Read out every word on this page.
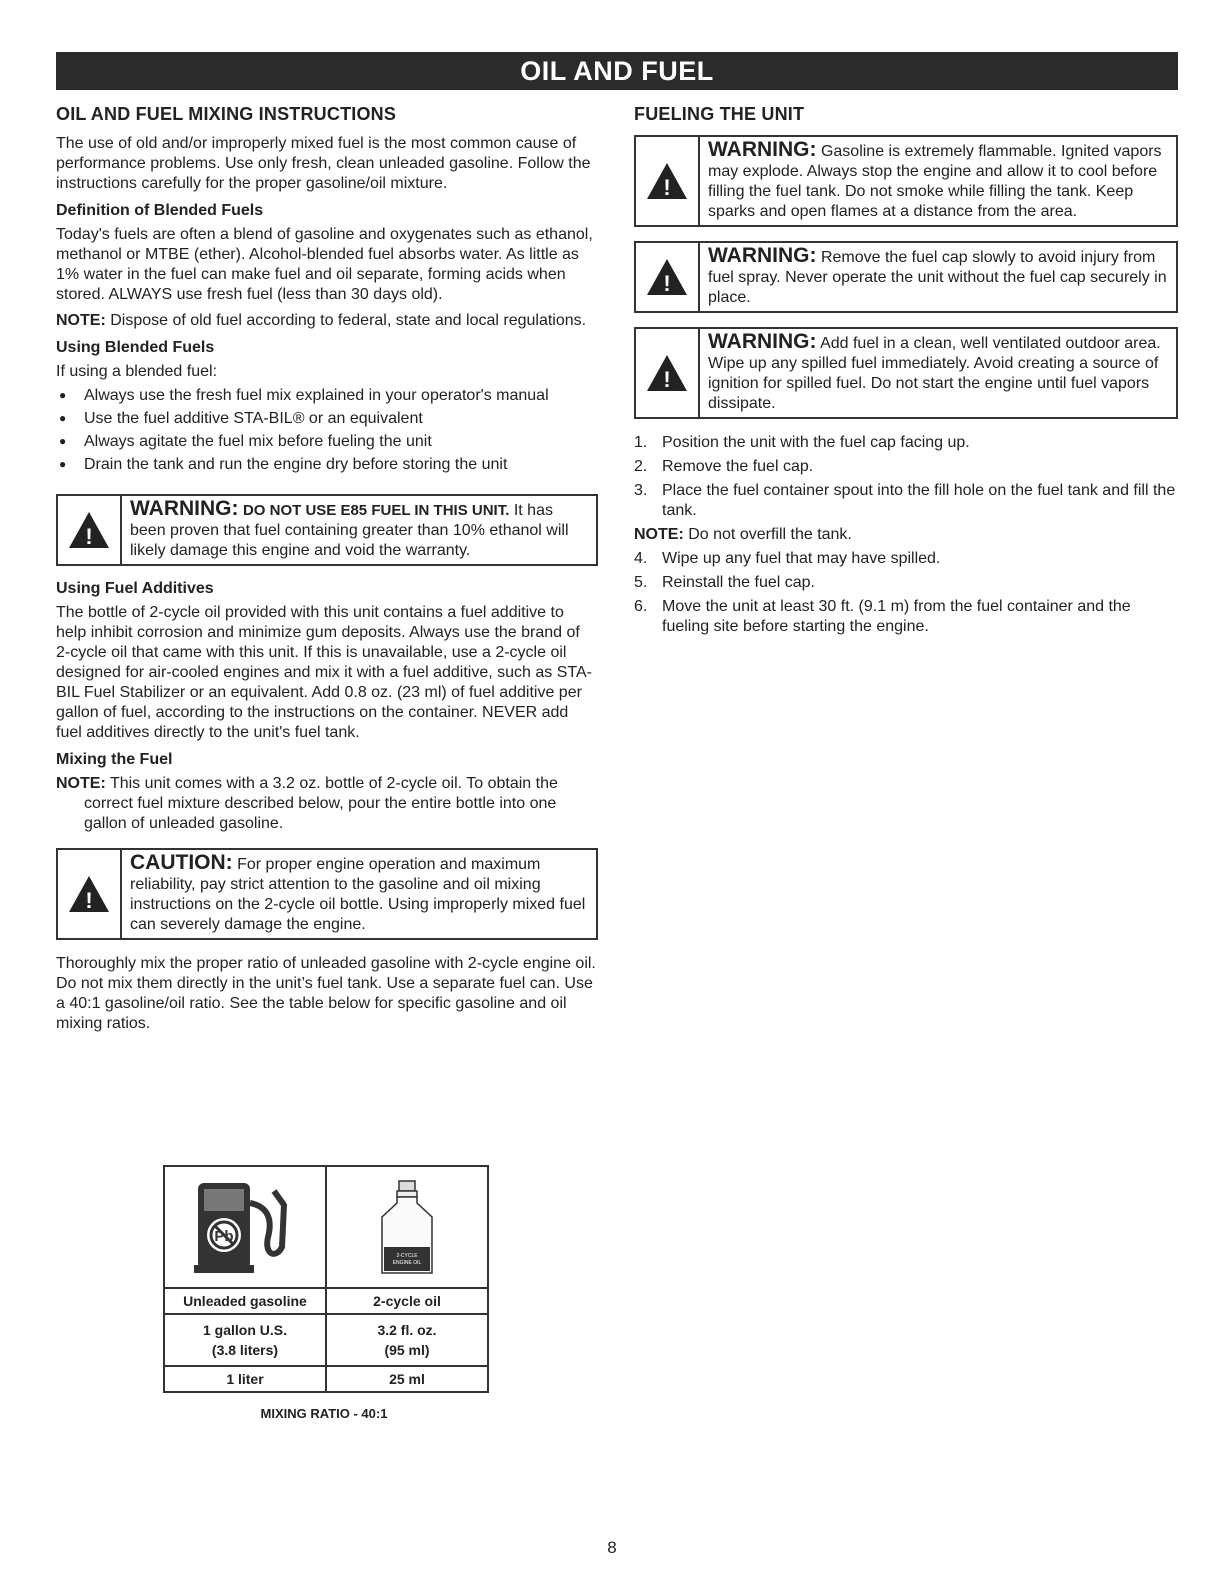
OIL AND FUEL
OIL AND FUEL MIXING INSTRUCTIONS

The use of old and/or improperly mixed fuel is the most common cause of performance problems. Use only fresh, clean unleaded gasoline. Follow the instructions carefully for the proper gasoline/oil mixture.

Definition of Blended Fuels

Today's fuels are often a blend of gasoline and oxygenates such as ethanol, methanol or MTBE (ether). Alcohol-blended fuel absorbs water. As little as 1% water in the fuel can make fuel and oil separate, forming acids when stored. ALWAYS use fresh fuel (less than 30 days old).

NOTE: Dispose of old fuel according to federal, state and local regulations.

Using Blended Fuels

If using a blended fuel:

● Always use the fresh fuel mix explained in your operator's manual
● Use the fuel additive STA-BIL® or an equivalent
● Always agitate the fuel mix before fueling the unit
● Drain the tank and run the engine dry before storing the unit
!
WARNING: DO NOT USE E85 FUEL IN THIS UNIT. It has been proven that fuel containing greater than 10% ethanol will likely damage this engine and void the warranty.
Using Fuel Additives

The bottle of 2-cycle oil provided with this unit contains a fuel additive to help inhibit corrosion and minimize gum deposits. Always use the brand of 2-cycle oil that came with this unit. If this is unavailable, use a 2-cycle oil designed for air-cooled engines and mix it with a fuel additive, such as STA-BIL Fuel Stabilizer or an equivalent. Add 0.8 oz. (23 ml) of fuel additive per gallon of fuel, according to the instructions on the container. NEVER add fuel additives directly to the unit's fuel tank.

Mixing the Fuel

NOTE: This unit comes with a 3.2 oz. bottle of 2-cycle oil. To obtain the correct fuel mixture described below, pour the entire bottle into one gallon of unleaded gasoline.

!
CAUTION: For proper engine operation and maximum reliability, pay strict attention to the gasoline and oil mixing instructions on the 2-cycle oil bottle. Using improperly mixed fuel can severely damage the engine.

Thoroughly mix the proper ratio of unleaded gasoline with 2-cycle engine oil. Do not mix them directly in the unit’s fuel tank. Use a separate fuel can. Use a 40:1 gasoline/oil ratio. See the table below for specific gasoline and oil mixing ratios.

Pb
2-CYCLE
ENGINE OIL
Unleaded gasoline	2-cycle oil
1 gallon U.S.
(3.8 liters)
3.2 fl. oz.
(95 ml)
1 liter	25 ml
MIXING RATIO - 40:1
FUELING THE UNIT
!
WARNING: Gasoline is extremely flammable. Ignited vapors may explode. Always stop the engine and allow it to cool before filling the fuel tank. Do not smoke while filling the tank. Keep sparks and open flames at a distance from the area.
!
WARNING: Remove the fuel cap slowly to avoid injury from fuel spray. Never operate the unit without the fuel cap securely in place.
!
WARNING: Add fuel in a clean, well ventilated outdoor area. Wipe up any spilled fuel immediately. Avoid creating a source of ignition for spilled fuel. Do not start the engine until fuel vapors dissipate.
1. Position the unit with the fuel cap facing up.
2. Remove the fuel cap.
3. Place the fuel container spout into the fill hole on the fuel tank and fill the tank.

NOTE: Do not overfill the tank.

4. Wipe up any fuel that may have spilled.
5. Reinstall the fuel cap.
6. Move the unit at least 30 ft. (9.1 m) from the fuel container and the fueling site before starting the engine.
8
